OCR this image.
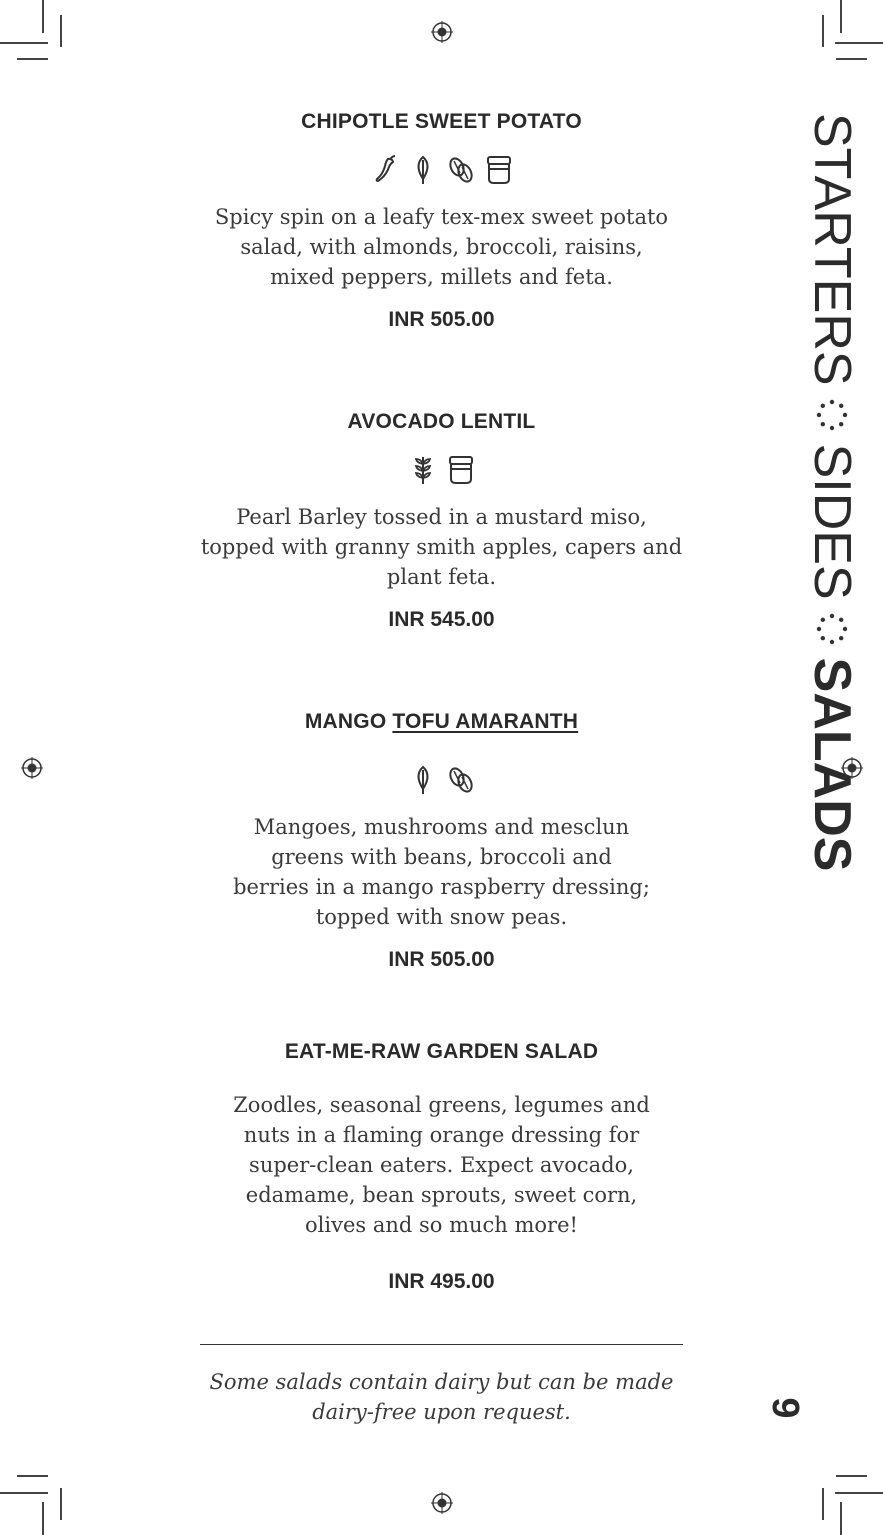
CHIPOTLE SWEET POTATO

Spicy spin on a leafy tex-mex sweet potato salad, with almonds, broccoli, raisins, mixed peppers, millets and feta.

INR 505.00
AVOCADO LENTIL

Pearl Barley tossed in a mustard miso, topped with granny smith apples, capers and plant feta.

INR 545.00
MANGO TOFU AMARANTH

Mangoes, mushrooms and mesclun greens with beans, broccoli and berries in a mango raspberry dressing; topped with snow peas.

INR 505.00
EAT-ME-RAW GARDEN SALAD

Zoodles, seasonal greens, legumes and nuts in a flaming orange dressing for super-clean eaters. Expect avocado, edamame, bean sprouts, sweet corn, olives and so much more!

INR 495.00

Some salads contain dairy but can be made dairy-free upon request.

STARTERS
SIDES
SALADS
9
